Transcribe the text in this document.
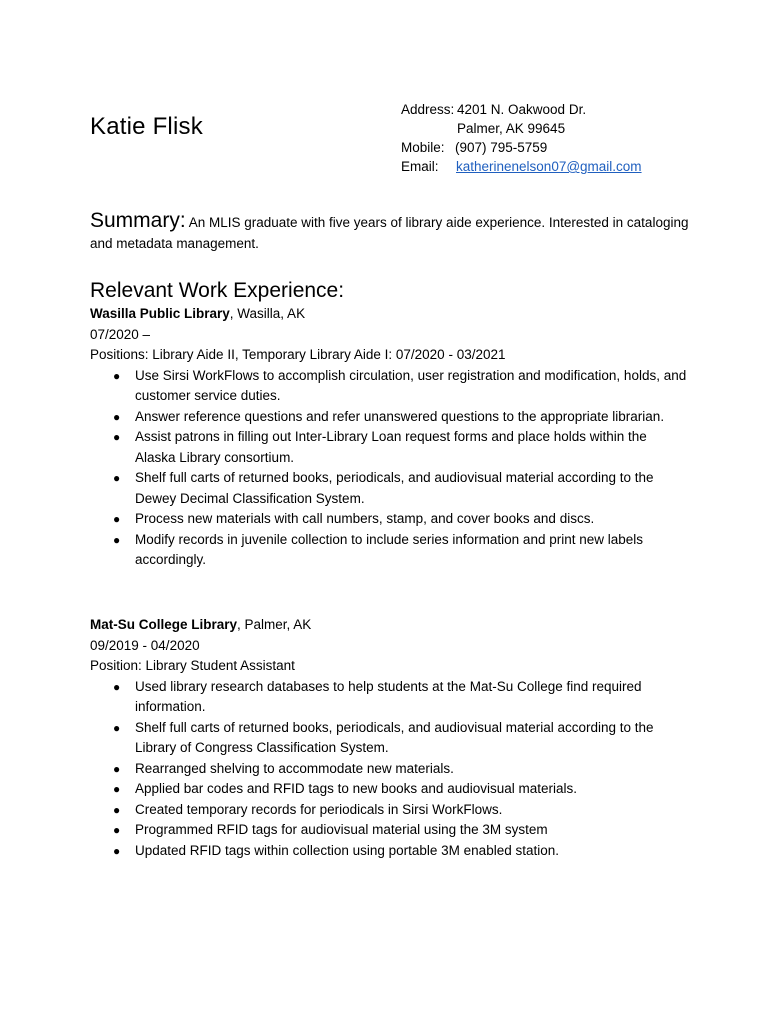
Katie Flisk
Address: 4201 N. Oakwood Dr.
Palmer, AK 99645
Mobile: (907) 795-5759
Email:	katherinenelson07@gmail.com
Summary: An MLIS graduate with five years of library aide experience. Interested in cataloging and metadata management.
Relevant Work Experience:
Wasilla Public Library, Wasilla, AK
07/2020 –
Positions: Library Aide II, Temporary Library Aide I: 07/2020 - 03/2021
● Use Sirsi WorkFlows to accomplish circulation, user registration and modification, holds, and customer service duties.
● Answer reference questions and refer unanswered questions to the appropriate librarian.
● Assist patrons in filling out Inter-Library Loan request forms and place holds within the Alaska Library consortium.
● Shelf full carts of returned books, periodicals, and audiovisual material according to the Dewey Decimal Classification System.
● Process new materials with call numbers, stamp, and cover books and discs.
● Modify records in juvenile collection to include series information and print new labels accordingly.
Mat-Su College Library, Palmer, AK
09/2019 - 04/2020
Position: Library Student Assistant
● Used library research databases to help students at the Mat-Su College find required information.
● Shelf full carts of returned books, periodicals, and audiovisual material according to the Library of Congress Classification System.
● Rearranged shelving to accommodate new materials.
● Applied bar codes and RFID tags to new books and audiovisual materials.
● Created temporary records for periodicals in Sirsi WorkFlows.
● Programmed RFID tags for audiovisual material using the 3M system
● Updated RFID tags within collection using portable 3M enabled station.
